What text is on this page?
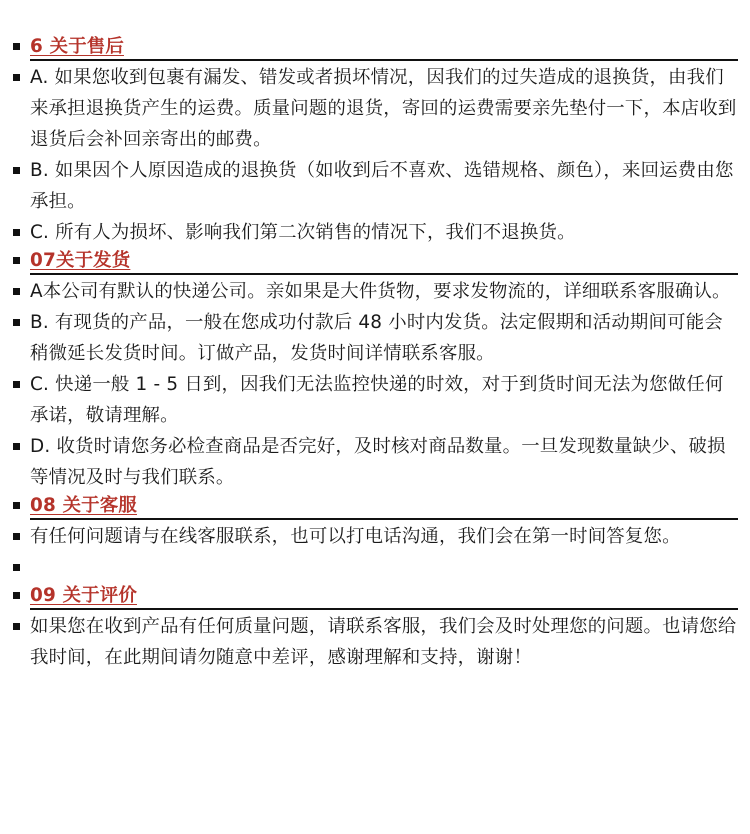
6 关于售后
A. 如果您收到包裹有漏发、错发或者损坏情况，因我们的过失造成的退换货，由我们来承担退换货产生的运费。质量问题的退货，寄回的运费需要亲先垫付一下，本店收到退货后会补回亲寄出的邮费。
B. 如果因个人原因造成的退换货（如收到后不喜欢、选错规格、颜色），来回运费由您承担。
C. 所有人为损坏、影响我们第二次销售的情况下，我们不退换货。
07关于发货
A本公司有默认的快递公司。亲如果是大件货物，要求发物流的，详细联系客服确认。
B. 有现货的产品，一般在您成功付款后 48 小时内发货。法定假期和活动期间可能会稍微延长发货时间。订做产品，发货时间详情联系客服。
C. 快递一般 1 - 5 日到，因我们无法监控快递的时效，对于到货时间无法为您做任何承诺，敬请理解。
D. 收货时请您务必检查商品是否完好，及时核对商品数量。一旦发现数量缺少、破损等情况及时与我们联系。
08 关于客服
有任何问题请与在线客服联系，也可以打电话沟通，我们会在第一时间答复您。
09 关于评价
如果您在收到产品有任何质量问题，请联系客服，我们会及时处理您的问题。也请您给我时间，在此期间请勿随意中差评，感谢理解和支持，谢谢！
